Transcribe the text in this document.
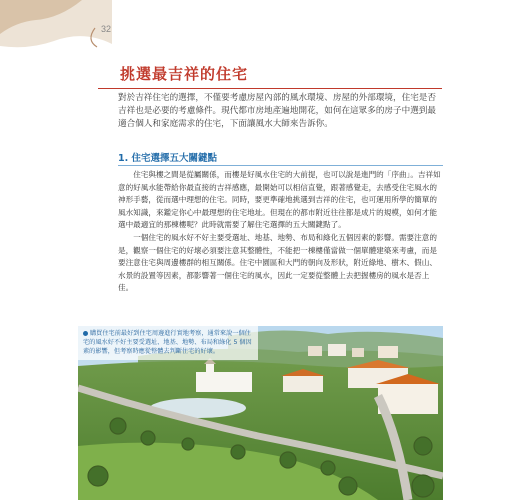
32
挑選最吉祥的住宅
對於吉祥住宅的選擇，不僅要考慮房屋內部的風水環境、房屋的外部環境，住宅是否吉祥也是必要的考慮條件。現代都市房地產遍地開花，如何在這眾多的房子中選到最適合個人和家庭需求的住宅，下面讓風水大師來告訴你。
1. 住宅選擇五大關鍵點

住宅與樓之間是從屬關係，而樓是好風水住宅的大前提，也可以說是進門的「序曲」。吉祥如意的好風水能帶給你最直接的吉祥感應，最開始可以相信直覺，跟著感覺走，去感受住宅風水的神形手藝，從而選中理想的住宅。同時，要更準確地挑選到吉祥的住宅，也可運用所學的簡單的風水知識，來鑑定你心中最理想的住宅地址。但現在的都市附近往往都是成片的規模，如何才能選中最適宜的那棟樓呢？此時就需要了解住宅選擇的五大關鍵點了。

一個住宅的風水好不好主要受選址、地基、地勢、布局和綠化五個因素的影響。需要注意的是，觀察一個住宅的好壞必須要注意其整體性，不能把一棟樓僅當做一個單體建築來考慮，而是要注意住宅與周邊樓群的相互關係。住宅中園區和大門的朝向及形狀，附近綠地、樹木、假山、水景的設置等因素，都影響著一個住宅的風水，因此一定要從整體上去把握樓房的風水是否上佳。

購買住宅前最好到住宅周邊進行實地考察，通常來說一個住宅的風水好不好主要受選址、地基、地勢、布局和綠化 5 個因素的影響，但考察時應從整體去判斷住宅的好壞。
